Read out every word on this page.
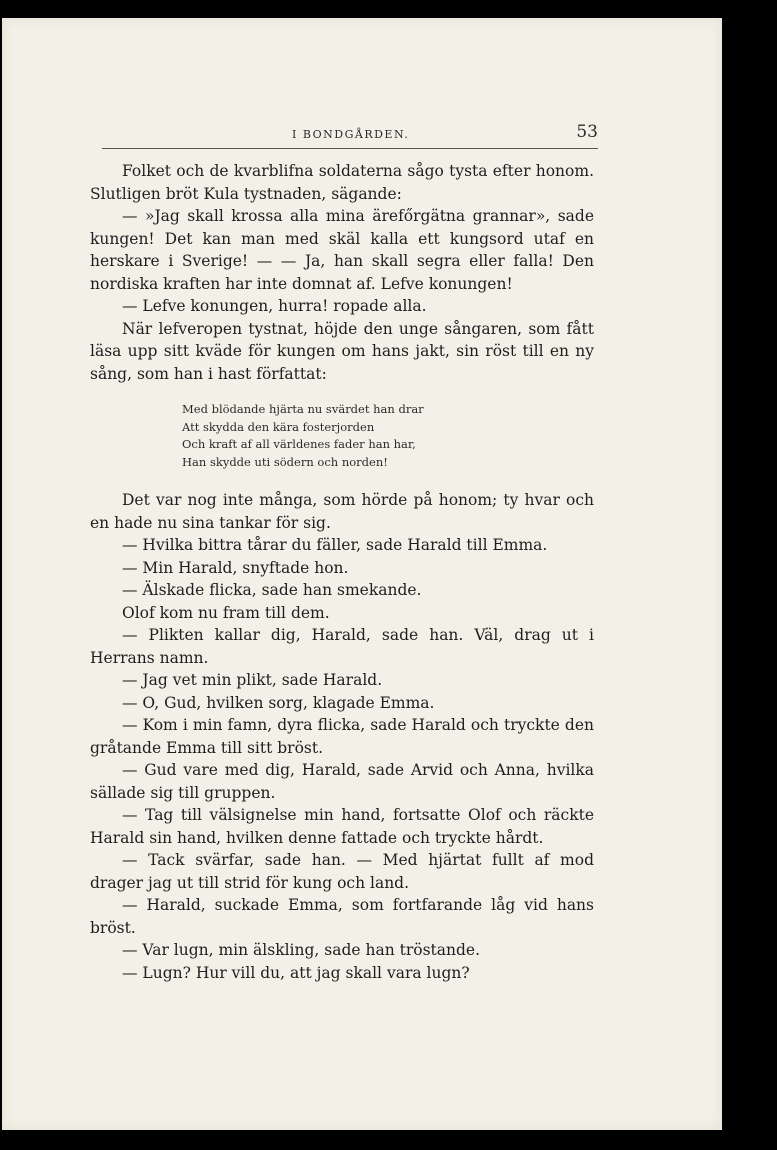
I BONDGÅRDEN.	53

Folket och de kvarblifna soldaterna sågo tysta efter honom. Slutligen bröt Kula tystnaden, sägande:

— »Jag skall krossa alla mina ärefőrgätna grannar», sade kungen! Det kan man med skäl kalla ett kungsord utaf en herskare i Sverige! — — Ja, han skall segra eller falla! Den nordiska kraften har inte domnat af. Lefve konungen!

— Lefve konungen, hurra! ropade alla.

När lefveropen tystnat, höjde den unge sångaren, som fått läsa upp sitt kväde för kungen om hans jakt, sin röst till en ny sång, som han i hast författat:

Med blödande hjärta nu svärdet han drar
Att skydda den kära fosterjorden
Och kraft af all världenes fader han har,
Han skydde uti södern och norden!

Det var nog inte många, som hörde på honom; ty hvar och en hade nu sina tankar för sig.

— Hvilka bittra tårar du fäller, sade Harald till Emma.

— Min Harald, snyftade hon.

— Älskade flicka, sade han smekande.

Olof kom nu fram till dem.

— Plikten kallar dig, Harald, sade han. Väl, drag ut i Herrans namn.

— Jag vet min plikt, sade Harald.

— O, Gud, hvilken sorg, klagade Emma.

— Kom i min famn, dyra flicka, sade Harald och tryckte den gråtande Emma till sitt bröst.

— Gud vare med dig, Harald, sade Arvid och Anna, hvilka sällade sig till gruppen.

— Tag till välsignelse min hand, fortsatte Olof och räckte Harald sin hand, hvilken denne fattade och tryckte hårdt.

— Tack svärfar, sade han. — Med hjärtat fullt af mod drager jag ut till strid för kung och land.

— Harald, suckade Emma, som fortfarande låg vid hans bröst.

— Var lugn, min älskling, sade han tröstande.

— Lugn? Hur vill du, att jag skall vara lugn?
